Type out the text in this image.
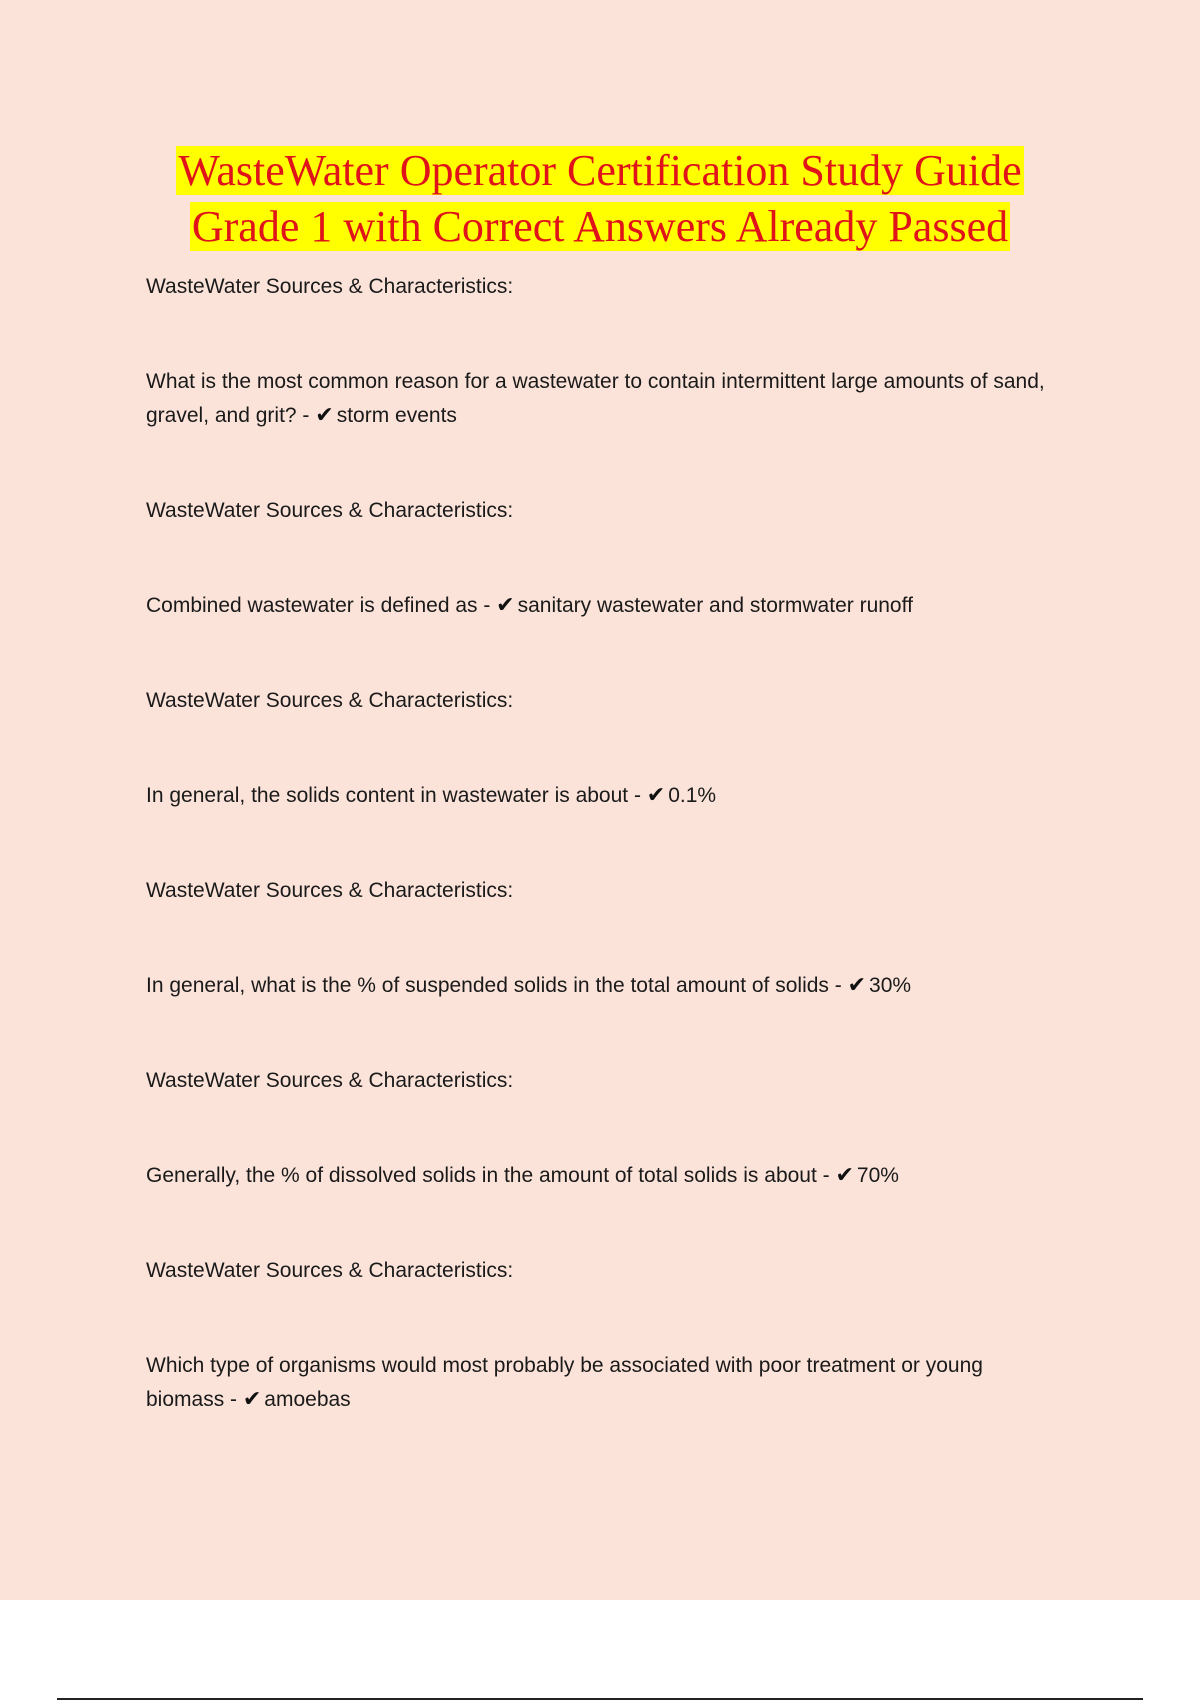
WasteWater Operator Certification Study Guide
Grade 1 with Correct Answers Already Passed
WasteWater Sources & Characteristics:
What is the most common reason for a wastewater to contain intermittent large amounts of sand, gravel, and grit? - ✔ storm events
WasteWater Sources & Characteristics:
Combined wastewater is defined as - ✔ sanitary wastewater and stormwater runoff
WasteWater Sources & Characteristics:
In general, the solids content in wastewater is about - ✔ 0.1%
WasteWater Sources & Characteristics:
In general, what is the % of suspended solids in the total amount of solids - ✔ 30%
WasteWater Sources & Characteristics:
Generally, the % of dissolved solids in the amount of total solids is about - ✔ 70%
WasteWater Sources & Characteristics:
Which type of organisms would most probably be associated with poor treatment or young biomass - ✔ amoebas
